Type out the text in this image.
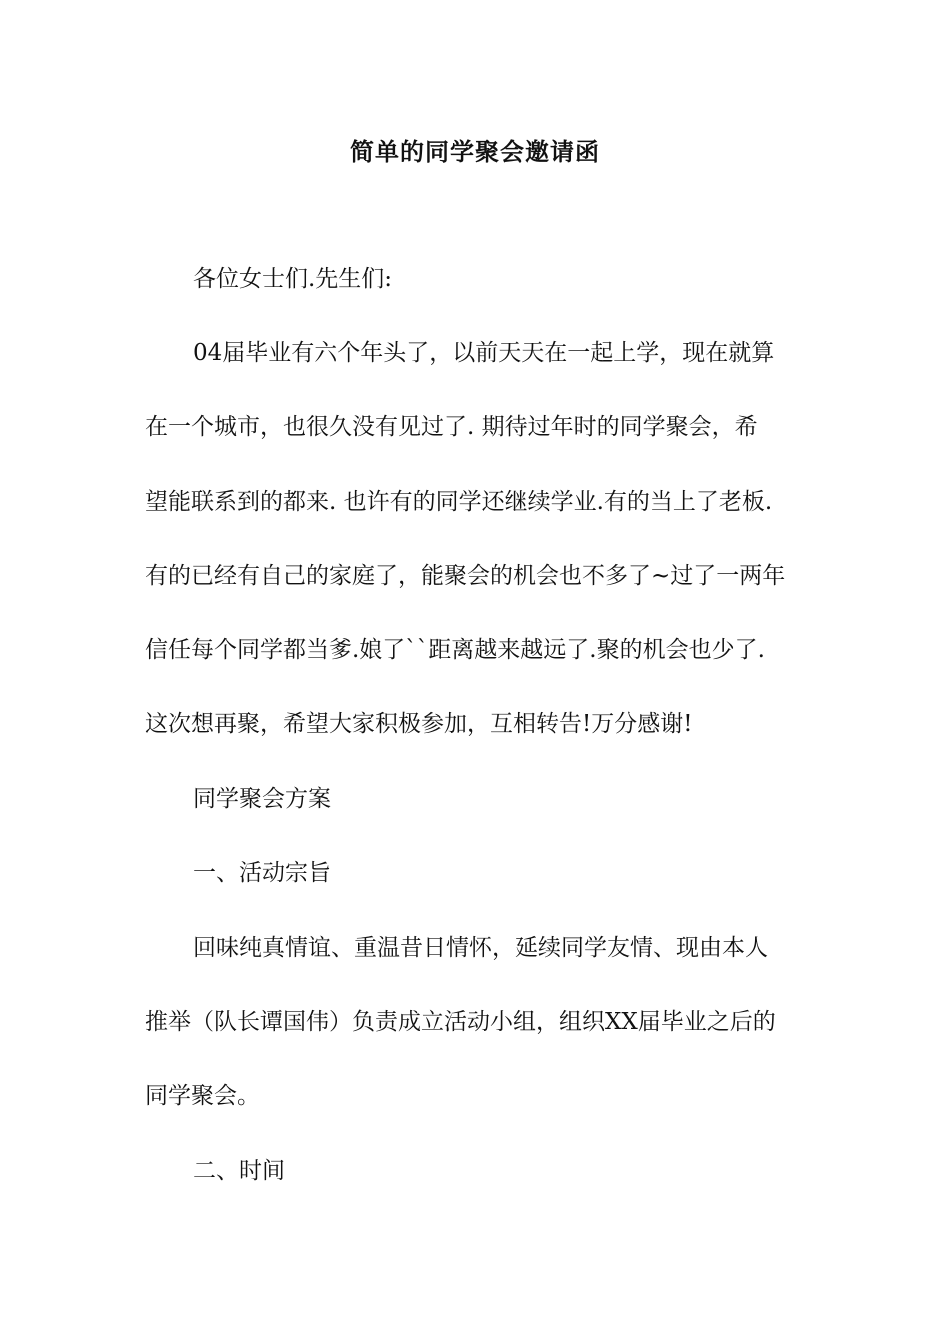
简单的同学聚会邀请函

各位女士们.先生们:

04届毕业有六个年头了，以前天天在一起上学，现在就算

在一个城市，也很久没有见过了. 期待过年时的同学聚会，希

望能联系到的都来. 也许有的同学还继续学业.有的当上了老板.

有的已经有自己的家庭了，能聚会的机会也不多了~过了一两年

信任每个同学都当爹.娘了``距离越来越远了.聚的机会也少了.

这次想再聚，希望大家积极参加，互相转告!万分感谢!

同学聚会方案

一、活动宗旨

回味纯真情谊、重温昔日情怀，延续同学友情、现由本人

推举（队长谭国伟）负责成立活动小组，组织XX届毕业之后的

同学聚会。

二、时间
